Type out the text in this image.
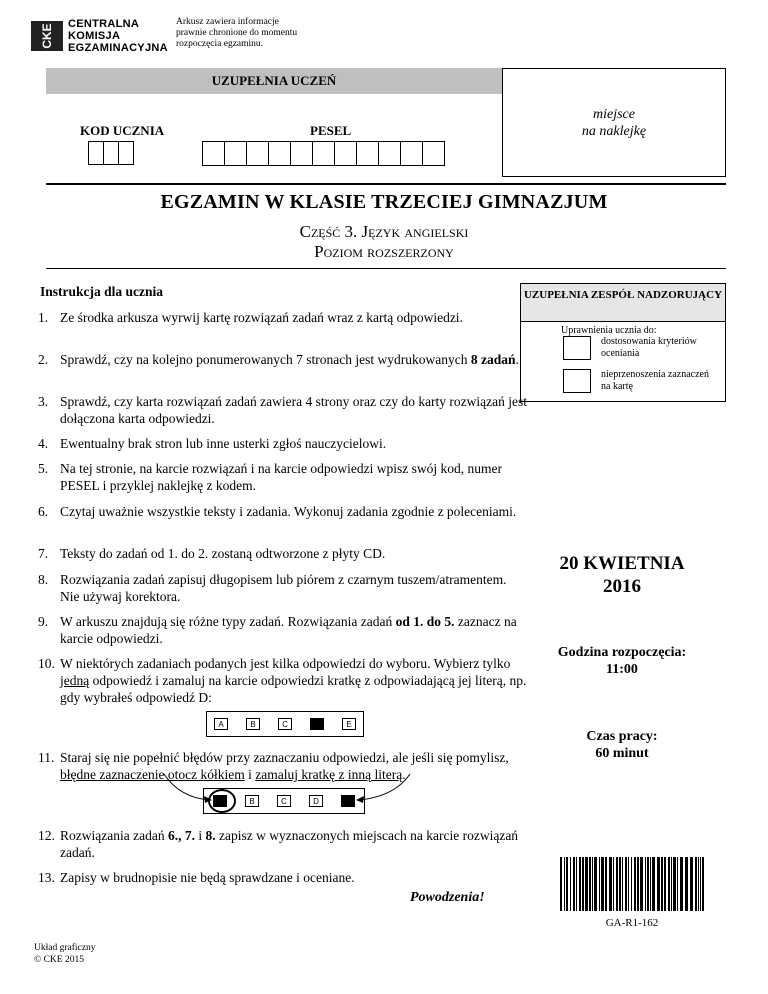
CKE	CENTRALNA
KOMISJA
EGZAMINACYJNA
Arkusz zawiera informacje
prawnie chronione do momentu
rozpoczęcia egzaminu.
UZUPEŁNIA UCZEŃ
miejsce
na naklejkę
KOD UCZNIA	PESEL
EGZAMIN W KLASIE TRZECIEJ GIMNAZJUM
Część 3. Język angielski
Poziom rozszerzony
Instrukcja dla ucznia
1. Ze środka arkusza wyrwij kartę rozwiązań zadań wraz z kartą odpowiedzi.
2. Sprawdź, czy na kolejno ponumerowanych 7 stronach jest wydrukowanych 8 zadań.
3. Sprawdź, czy karta rozwiązań zadań zawiera 4 strony oraz czy do karty rozwiązań jest dołączona karta odpowiedzi.
4. Ewentualny brak stron lub inne usterki zgłoś nauczycielowi.
5. Na tej stronie, na karcie rozwiązań i na karcie odpowiedzi wpisz swój kod, numer PESEL i przyklej naklejkę z kodem.
6. Czytaj uważnie wszystkie teksty i zadania. Wykonuj zadania zgodnie z poleceniami.
7. Teksty do zadań od 1. do 2. zostaną odtworzone z płyty CD.
8. Rozwiązania zadań zapisuj długopisem lub piórem z czarnym tuszem/atramentem. Nie używaj korektora.
9. W arkuszu znajdują się różne typy zadań. Rozwiązania zadań od 1. do 5. zaznacz na karcie odpowiedzi.
10. W niektórych zadaniach podanych jest kilka odpowiedzi do wyboru. Wybierz tylko jedną odpowiedź i zamaluj na karcie odpowiedzi kratkę z odpowiadającą jej literą, np. gdy wybrałeś odpowiedź D:
A	B	C	E
11. Staraj się nie popełnić błędów przy zaznaczaniu odpowiedzi, ale jeśli się pomylisz, błędne zaznaczenie otocz kółkiem i zamaluj kratkę z inną literą.
B	C	D
12. Rozwiązania zadań 6., 7. i 8. zapisz w wyznaczonych miejscach na karcie rozwiązań zadań.
13. Zapisy w brudnopisie nie będą sprawdzane i oceniane.
Powodzenia!
UZUPEŁNIA ZESPÓŁ NADZORUJĄCY
Uprawnienia ucznia do:
dostosowania kryteriów oceniania
nieprzenoszenia zaznaczeń na kartę
20 KWIETNIA
2016
Godzina rozpoczęcia:
11:00
Czas pracy:
60 minut
GA-R1-162
Układ graficzny
© CKE 2015
